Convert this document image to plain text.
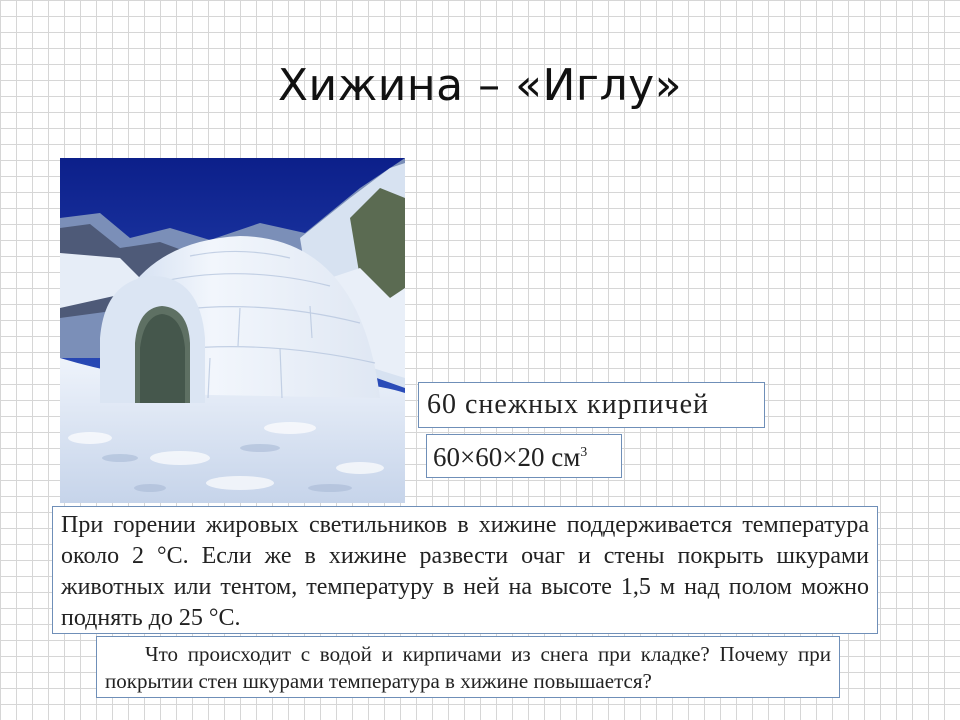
Хижина – «Иглу»
60 снежных кирпичей
60×60×20 $см^3$
При горении жировых светильников в хижине поддерживается температура около 2 °С. Если же в хижине развести очаг и стены покрыть шкурами животных или тентом, температуру в ней на высоте 1,5 м над полом можно поднять до 25 °С.
Что происходит с водой и кирпичами из снега при кладке? Почему при покрытии стен шкурами температура в хижине повышается?
